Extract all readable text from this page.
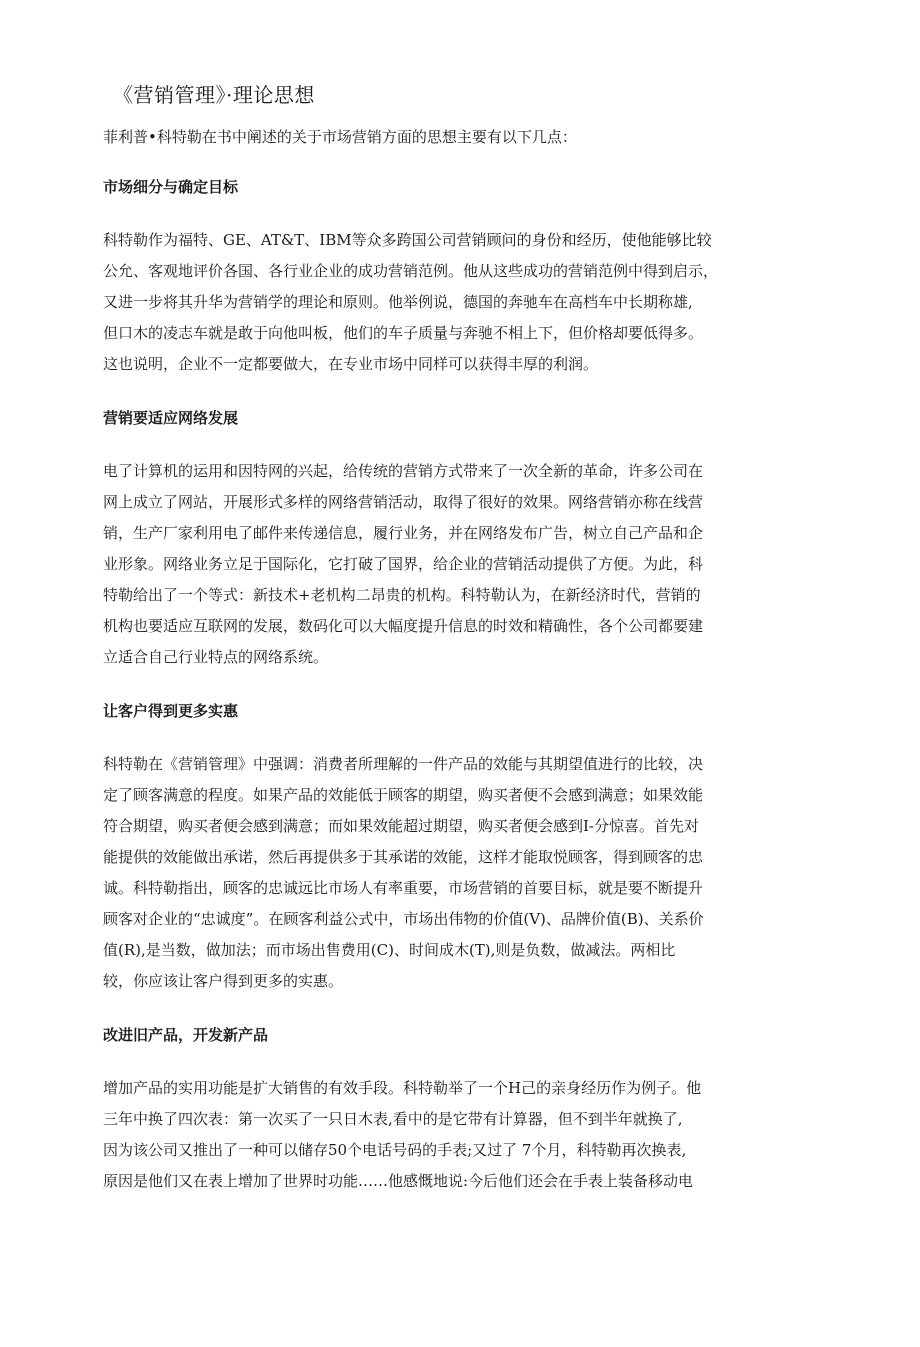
《营销管理》·理论思想

菲利普•科特勒在书中阐述的关于市场营销方面的思想主要有以下几点：

市场细分与确定目标
科特勒作为福特、GE、AT&T、IBM等众多跨国公司营销顾问的身份和经历，使他能够比较
公允、客观地评价各国、各行业企业的成功营销范例。他从这些成功的营销范例中得到启示，
又进一步将其升华为营销学的理论和原则。他举例说，德国的奔驰车在高档车中长期称雄,
但口木的凌志车就是敢于向他叫板，他们的车子质量与奔驰不相上下，但价格却要低得多。
这也说明，企业不一定都要做大，在专业市场中同样可以获得丰厚的利润。
营销要适应网络发展
电了计算机的运用和因特网的兴起，给传统的营销方式带来了一次全新的革命，许多公司在
网上成立了网站，开展形式多样的网络营销活动，取得了很好的效果。网络营销亦称在线营
销，生产厂家利用电了邮件来传递信息，履行业务，并在网络发布广告，树立自己产品和企
业形象。网络业务立足于国际化，它打破了国界，给企业的营销活动提供了方便。为此，科
特勒给出了一个等式：新技术+老机构二昂贵的机构。科特勒认为，在新经济时代，营销的
机构也要适应互联网的发展，数码化可以大幅度提升信息的时效和精确性，各个公司都要建
立适合自己行业特点的网络系统。
让客户得到更多实惠
科特勒在《营销管理》中强调：消费者所理解的一件产品的效能与其期望值进行的比较，决
定了顾客满意的程度。如果产品的效能低于顾客的期望，购买者便不会感到满意；如果效能
符合期望，购买者便会感到满意；而如果效能超过期望，购买者便会感到I-分惊喜。首先对
能提供的效能做出承诺，然后再提供多于其承诺的效能，这样才能取悦顾客，得到顾客的忠
诚。科特勒指出，顾客的忠诚远比市场人有率重要，市场营销的首要目标，就是要不断提升
顾客对企业的“忠诚度”。在顾客利益公式中，市场出伟物的价值(V)、品牌价值(B)、关系价
值(R),是当数，做加法；而市场出售费用(C)、时间成木(T),则是负数，做减法。两相比
较，你应该让客户得到更多的实惠。
改进旧产品，开发新产品
增加产品的实用功能是扩大销售的有效手段。科特勒举了一个H己的亲身经历作为例子。他
三年中换了四次表：第一次买了一只日木表,看中的是它带有计算器，但不到半年就换了,
因为该公司又推出了一种可以储存50个电话号码的手表;又过了 7个月，科特勒再次换表,
原因是他们又在表上增加了世界时功能……他感慨地说:今后他们还会在手表上装备移动电
